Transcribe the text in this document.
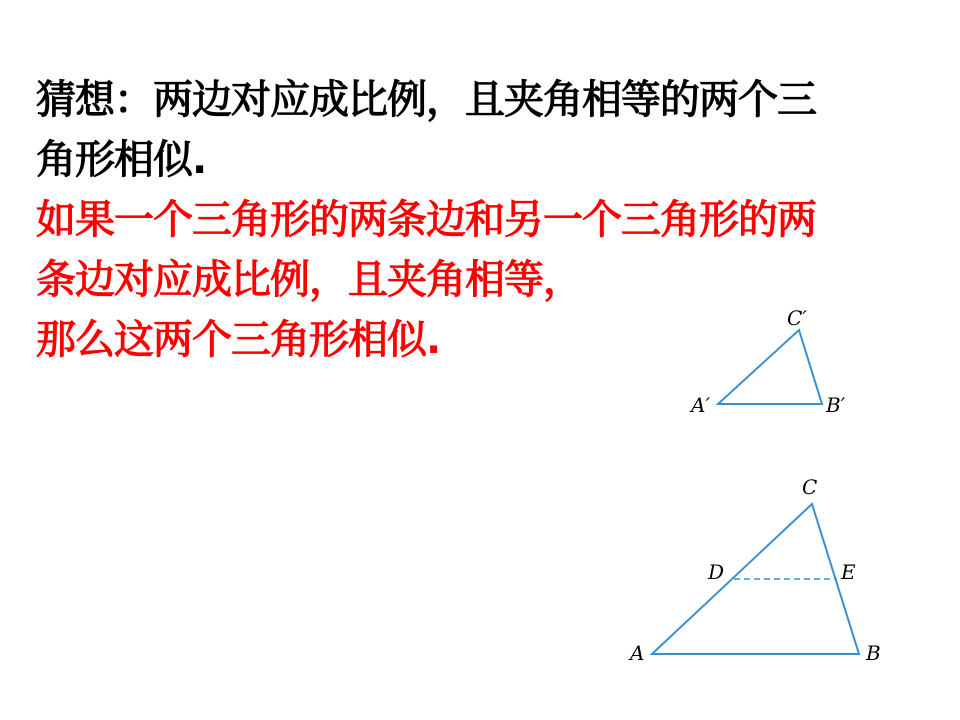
猜想：两边对应成比例，且夹角相等的两个三
角形相似.
如果一个三角形的两条边和另一个三角形的两
条边对应成比例，且夹角相等，
那么这两个三角形相似.
A′	B′
C′
A	B
C
D	E
